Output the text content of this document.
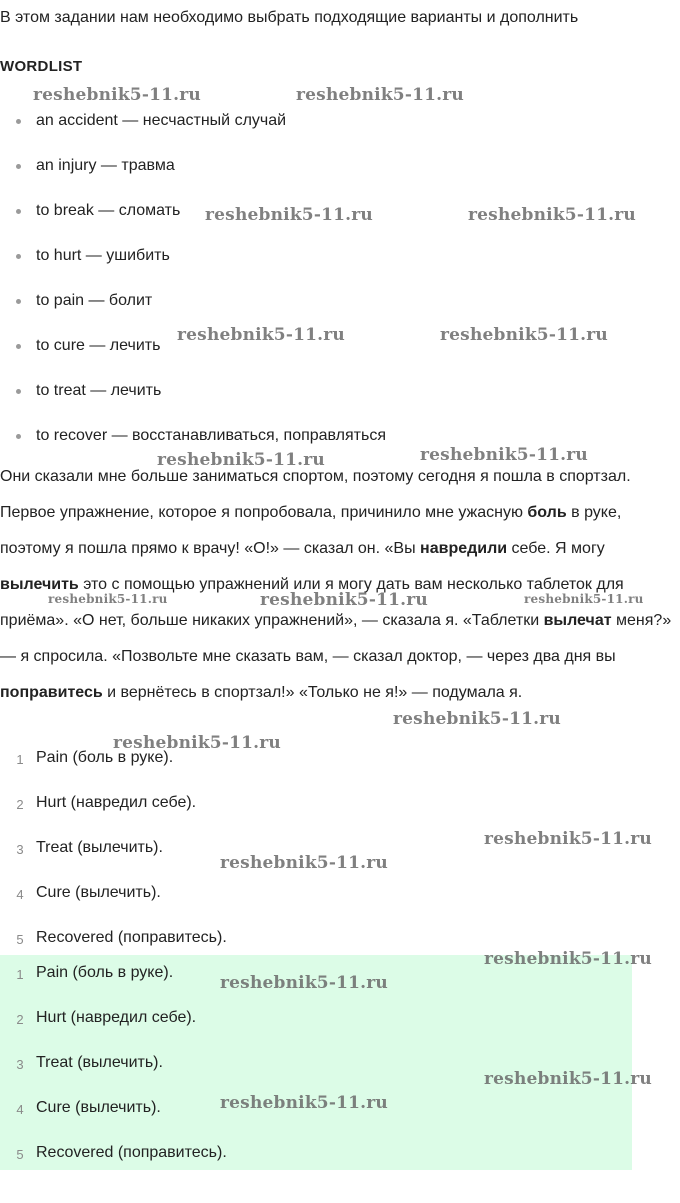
В этом задании нам необходимо выбрать подходящие варианты и дополнить
WORDLIST
an accident — несчастный случай
an injury — травма
to break — сломать
to hurt — ушибить
to pain — болит
to cure — лечить
to treat — лечить
to recover — восстанавливаться, поправляться

Они сказали мне больше заниматься спортом, поэтому сегодня я пошла в спортзал. Первое упражнение, которое я попробовала, причинило мне ужасную боль в руке, поэтому я пошла прямо к врачу! «О!» — сказал он. «Вы навредили себе. Я могу вылечить это с помощью упражнений или я могу дать вам несколько таблеток для приёма». «О нет, больше никаких упражнений», — сказала я. «Таблетки вылечат меня?» — я спросила. «Позвольте мне сказать вам, — сказал доктор, — через два дня вы поправитесь и вернётесь в спортзал!» «Только не я!» — подумала я.

1 Pain (боль в руке).
2 Hurt (навредил себе).
3 Treat (вылечить).
4 Cure (вылечить).
5 Recovered (поправитесь).
1 Pain (боль в руке).
2 Hurt (навредил себе).
3 Treat (вылечить).
4 Cure (вылечить).
5 Recovered (поправитесь).
reshebnik5-11.ru	reshebnik5-11.ru
reshebnik5-11.ru	reshebnik5-11.ru
reshebnik5-11.ru	reshebnik5-11.ru
reshebnik5-11.ru	reshebnik5-11.ru
reshebnik5-11.ru	reshebnik5-11.ru	reshebnik5-11.ru
reshebnik5-11.ru
reshebnik5-11.ru
reshebnik5-11.ru
reshebnik5-11.ru
reshebnik5-11.ru
reshebnik5-11.ru
reshebnik5-11.ru
reshebnik5-11.ru
